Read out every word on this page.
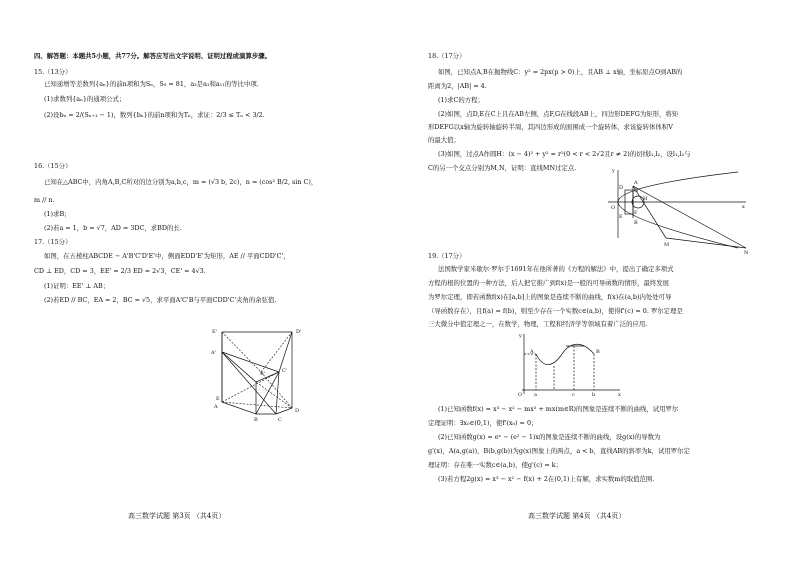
四、解答题：本题共5小题，共77分。解答应写出文字说明、证明过程或演算步骤。
15.（13分）
已知递增等差数列{aₙ}的前n项和为Sₙ，S₉ = 81，a₃是a₁和a₁₁的等比中项.
(1)求数列{aₙ}的通项公式；
(2)设bₙ = 2/(Sₙ₊₁ − 1)，数列{bₙ}的前n项和为Tₙ，求证：2/3 ≤ Tₙ < 3/2.
16.（15分）
已知在△ABC中，内角A,B,C所对的边分别为a,b,c，m = (√3 b, 2c)，n = (cos² B/2, sin C)，
m // n.
(1)求B；
(2)若a = 1，b = √7，AD = 3DC，求BD的长.
17.（15分）
如图，在五棱柱ABCDE − A'B'C'D'E'中，侧面EDD'E'为矩形，AE // 平面CDD'C'，
CD ⊥ ED，CD = 3，EE' = 2/3 ED = 2√3，CE' = 4√3.
(1)证明：EE' ⊥ AB；
(2)若ED // BC，EA = 2，BC = √5，求平面A'C'B与平面CDD'C'夹角的余弦值.
E'	D'
A'
B'	C'
E
D
A
B	C
高三数学试题 第3页 （共4页）
18.（17分）
如图，已知点A,B在抛物线C：y² = 2px(p > 0)上，且AB ⊥ x轴，坐标原点O到AB的
距离为2，|AB| = 4.
(1)求C的方程；
(2)如图，点D,E在C上且在AB左侧，点F,G在线段AB上，四边形DEFG为矩形，将矩
形DEFG以x轴为旋转轴旋转半周，其四边形成的面围成一个旋转体，求该旋转体体积V
的最大值；
(3)如图，过点A作圆H：(x − 4)² + y² = r²(0 < r < 2√2且r ≠ 2)的切线l₁,l₂，设l₁,l₂与
C的另一个交点分别为M,N，证明：直线MN过定点.	y
x
A
B
O
D
E
G
F
H
M
N
19.（17分）
法国数学家米歇尔·罗尔于1691年在他所著的《方程的解法》中，提出了确定多项式
方程的根的位置的一种方法，后人把它推广到f(x)是一般的可导函数的情形，最终发展
为罗尔定理，即若函数f(x)在[a,b]上的图象是连续不断的曲线，f(x)在(a,b)内处处可导
（导函数存在），且f(a) = f(b)，则至少存在一个实数c∈(a,b)，使得f'(c) = 0. 罗尔定理是
三大微分中值定理之一，在数学，物理，工程和经济学等领域有着广泛的应用.
y
x
O a	c	b
A	B
(1)已知函数f(x) = x³ − x² − mx² + mx(m∈R)的图象是连续不断的曲线，试用罗尔
定理证明：∃x₀∈(0,1)，使f'(x₀) = 0；
(2)已知函数g(x) = eˣ − (e² − 1)x的图象是连续不断的曲线，设g(x)的导数为
g'(x)，A(a,g(a))，B(b,g(b))为g(x)图象上的两点，a < b，直线AB的斜率为k，试用罗尔定
理证明：存在唯一实数c∈(a,b)，使g'(c) = k；
(3)若方程2g(x) = x³ − x² − f(x) + 2在(0,1)上有解，求实数m的取值范围.
高三数学试题 第4页 （共4页）
